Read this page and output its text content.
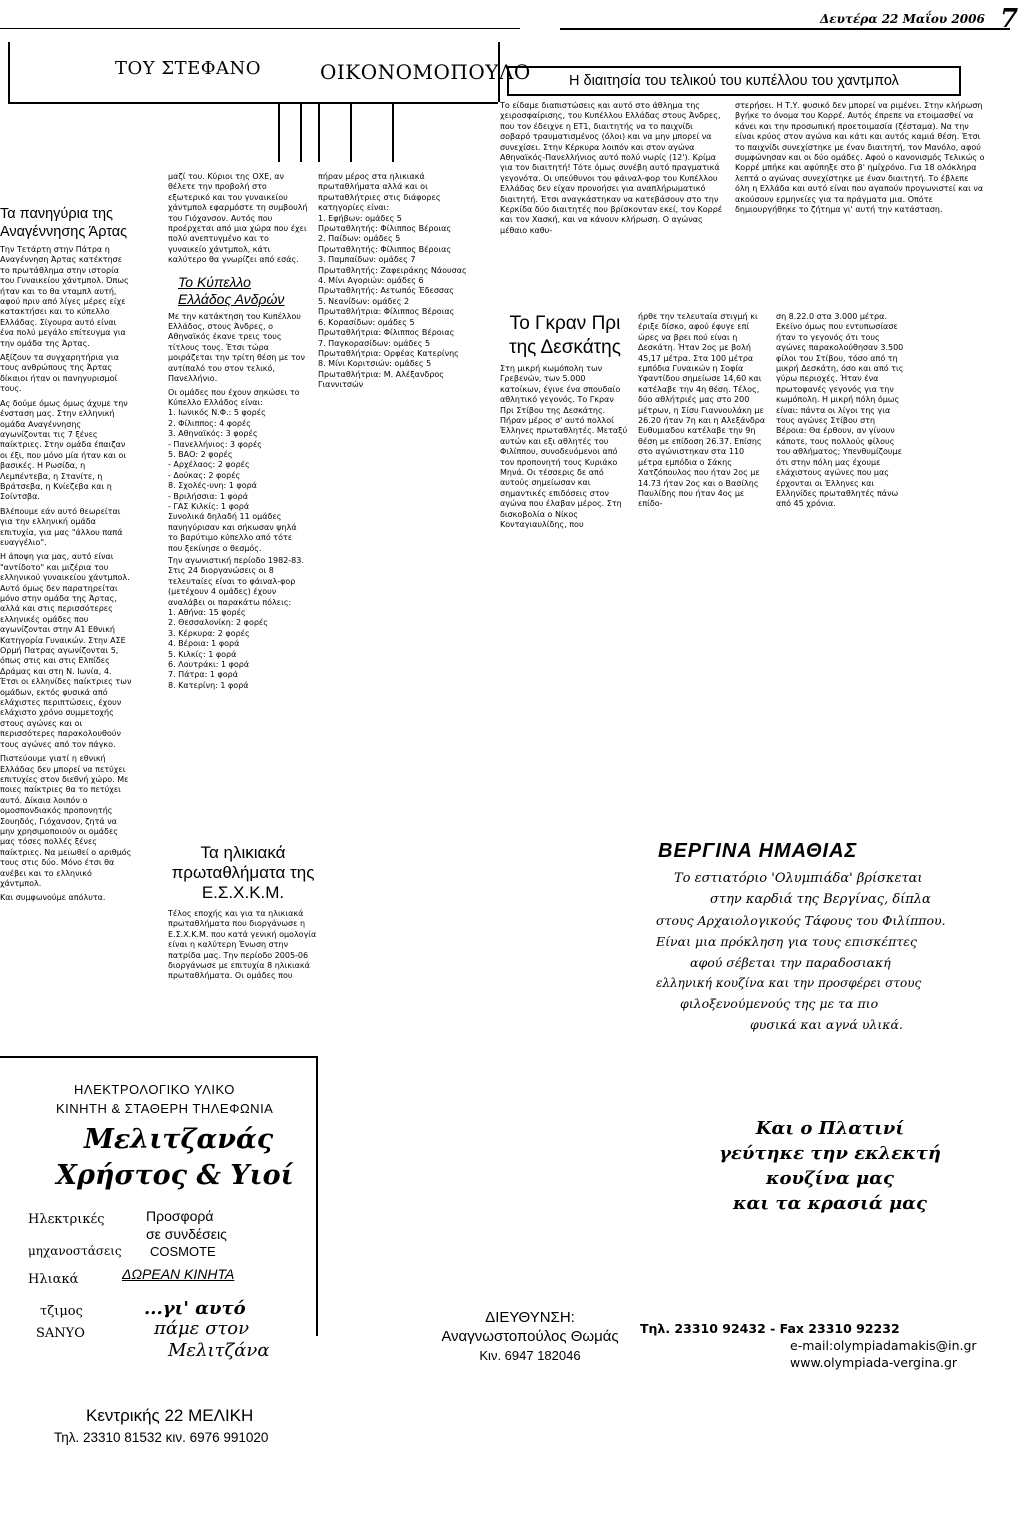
Δευτέρα 22 Μαΐου 2006 7
ΤΟΥ ΣΤΕΦΑΝΟ	ΟΙΚΟΝΟΜΟΠΟΥΛΟ	Η διαιτησία του τελικού του κυπέλλου του χαντμπολ
Τα πανηγύρια της Αναγέννησης Άρτας

Την Τετάρτη στην Πάτρα η Αναγέννηση Άρτας κατέκτησε το πρωτάθλημα στην ιστορία του Γυναικείου χάντμπολ. Όπως ήταν και το θα νταμπλ αυτή, αφού πριν από λίγες μέρες είχε κατακτήσει και το κύπελλο Ελλάδας. Σίγουρα αυτό είναι ένα πολύ μεγάλο επίτευγμα για την ομάδα της Άρτας.

Αξίζουν τα συγχαρητήρια για τους ανθρώπους της Άρτας δίκαιοι ήταν οι πανηγυρισμοί τους.

Ας δούμε όμως όμως άχυμε την ένσταση μας. Στην ελληνική ομάδα Αναγέννησης αγωνίζονται τις 7 ξένες παίκτριες. Στην ομάδα έπαιζαν οι έξι, που μόνο μία ήταν και οι βασικές. Η Ρωσίδα, η Λεμπέντεβα, η Στανίτε, η Βράτσεβα, η Κνίεζεβα και η Σοίντσβα.

Βλέπουμε εάν αυτό θεωρείται για την ελληνική ομάδα επιτυχία, για μας "άλλου παπά ευαγγέλιο".

Η άποψη για μας, αυτό είναι "αντίδοτο" και μιζέρια του ελληνικού γυναικείου χάντμπολ. Αυτό όμως δεν παρατηρείται μόνο στην ομάδα της Άρτας, αλλά και στις περισσότερες ελληνικές ομάδες που αγωνίζονται στην Α1 Εθνική Κατηγορία Γυναικών. Στην ΑΣΕ Ορμή Πατρας αγωνίζονται 5, όπως στις και στις Ελπίδες Δράμας και στη Ν. Ιωνία, 4. Έτσι οι ελληνίδες παίκτριες των ομάδων, εκτός φυσικά από ελάχιστες περιπτώσεις, έχουν ελάχιστο χρόνο συμμετοχής στους αγώνες και οι περισσότερες παρακολουθούν τους αγώνες από τον πάγκο.

Πιστεύουμε γιατί η εθνική Ελλάδας δεν μπορεί να πετύχει επιτυχίες στον διεθνή χώρο. Με ποιες παίκτριες θα το πετύχει αυτό. Δίκαια λοιπόν ο ομοσπονδιακός προπονητής Σουηδός, Γιόχανσον, ζητά να μην χρησιμοποιούν οι ομάδες μας τόσες πολλές ξένες παίκτριες. Να μειωθεί ο αριθμός τους στις δύο. Μόνο έτσι θα ανέβει και το ελληνικό χάντμπολ.

Και συμφωνούμε απόλυτα.

μαζί του. Κύριοι της ΟΧΕ, αν θέλετε την προβολή στο εξωτερικό και του γυναικείου χάντμπολ εφαρμόστε τη συμβουλή του Γιόχανσον. Αυτός που προέρχεται από μια χώρα που έχει πολύ ανεπτυγμένο και το γυναικείο χάντμπολ, κάτι καλύτερο θα γνωρίζει από εσάς.

Το Κύπελλο Ελλάδος Ανδρών

Με την κατάκτηση του Κυπέλλου Ελλάδος, στους Άνδρες, ο Αθηναϊκός έκανε τρεις τους τίτλους τους. Έτσι τώρα μοιράζεται την τρίτη θέση με τον αντίπαλό του στον τελικό, Πανελλήνιο.

Οι ομάδες που έχουν σηκώσει το Κύπελλο Ελλάδος είναι:

1. Ιωνικός Ν.Φ.: 5 φορές
2. Φίλιππος: 4 φορές
3. Αθηναϊκός: 3 φορές
- Πανελλήνιος: 3 φορές
5. ΒΑΟ: 2 φορές
- Αρχέλαος: 2 φορές
- Δούκας: 2 φορές
8. Σχολές-υνη: 1 φορά
- Βριλήσσια: 1 φορά
- ΓΑΣ Κιλκίς: 1 φορά

Συνολικά δηλαδή 11 ομάδες πανηγύρισαν και σήκωσαν ψηλά το βαρύτιμο κύπελλο από τότε που ξεκίνησε ο θεσμός.

Την αγωνιστική περίοδο 1982-83. Στις 24 διοργανώσεις οι 8 τελευταίες είναι το φάιναλ-φορ (μετέχουν 4 ομάδες) έχουν αναλάβει οι παρακάτω πόλεις:

1. Αθήνα: 15 φορές
2. Θεσσαλονίκη: 2 φορές
3. Κέρκυρα: 2 φορές
4. Βέροια: 1 φορά
5. Κιλκίς: 1 φορά
6. Λουτράκι: 1 φορά
7. Πάτρα: 1 φορά
8. Κατερίνη: 1 φορά

πήραν μέρος στα ηλικιακά πρωταθλήματα αλλά και οι πρωταθλήτριες στις διάφορες κατηγορίες είναι:

1. Εφήβων: ομάδες 5
Πρωταθλητής: Φίλιππος Βέροιας
2. Παίδων: ομάδες 5
Πρωταθλητής: Φίλιππος Βέροιας
3. Παμπαίδων: ομάδες 7
Πρωταθλητής: Ζαφειράκης Νάουσας
4. Μίνι Αγοριών: ομάδες 6
Πρωταθλητής: Αετωπός Έδεσσας
5. Νεανίδων: ομάδες 2
Πρωταθλήτρια: Φίλιππος Βέροιας
6. Κορασίδων: ομάδες 5
Πρωταθλήτρια: Φίλιππος Βέροιας
7. Παγκορασίδων: ομάδες 5
Πρωταθλήτρια: Ορφέας Κατερίνης
8. Μίνι Κοριτσιών: ομάδες 5
Πρωταθλήτρια: Μ. Αλέξανδρος Γιαννιτσών
Τα ηλικιακά πρωταθλήματα της Ε.Σ.Χ.Κ.Μ.

Τέλος εποχής και για τα ηλικιακά πρωταθλήματα που διοργάνωσε η Ε.Σ.Χ.Κ.Μ. που κατά γενική ομολογία είναι η καλύτερη Ένωση στην πατρίδα μας. Την περίοδο 2005-06 διοργάνωσε με επιτυχία 8 ηλικιακά πρωταθλήματα. Οι ομάδες που

Το είδαμε διαπιστώσεις και αυτό στο άθλημα της χειροσφαίρισης, του Κυπέλλου Ελλάδας στους Άνδρες, που τον έδειχνε η ΕΤ1, διαιτητής να το παιχνίδι σοβαρό τραυματισμένος (όλοι) και να μην μπορεί να συνεχίσει. Στην Κέρκυρα λοιπόν και στον αγώνα Αθηναϊκός-Πανελλήνιος αυτό πολύ νωρίς (12'). Κρίμα για τον διαιτητή! Τότε όμως συνέβη αυτό πραγματικά γεγονότα. Οι υπεύθυνοι του φάιναλ-φορ του Κυπέλλου Ελλάδας δεν είχαν προνοήσει για αναπλήρωματικό διαιτητή. Έτσι αναγκάστηκαν να κατεβάσουν στο την Κερκίδα δύο διαιτητές που βρίσκονταν εκεί, τον Κορρέ και τον Χασκή, και να κάνουν κλήρωση. Ο αγώνας μέθαιο καθυ-

στερήσει. Η Τ.Υ. φυσικό δεν μπορεί να ριμένει. Στην κλήρωση βγήκε το όνομα του Κορρέ. Αυτός έπρεπε να ετοιμασθεί να κάνει και την προσωπική προετοιμασία (ζέσταμα). Να την είναι κρύος στον αγώνα και κάτι και αυτός καμιά θέση. Έτσι το παιχνίδι συνεχίστηκε με έναν διαιτητή, τον Μανόλο, αφού συμφώνησαν και οι δύο ομάδες. Αφού ο κανονισμός Τελικώς ο Κορρέ μπήκε και αφύπηξε στο β' ημίχρόνο. Για 18 ολόκληρα λεπτά ο αγώνας συνεχίστηκε με έναν διαιτητή. Το έβλεπε όλη η Ελλάδα και αυτό είναι που αγαπούν προγωνιστεί και να ακούσουν ερμηνείες για τα πράγματα μια. Οπότε δημιουργήθηκε το ζήτημα γι' αυτή την κατάσταση.

Το Γκραν Πρι της Δεσκάτης

Στη μικρή κωμόπολη των Γρεβενών, των 5.000 κατοίκων, έγινε ένα σπουδαίο αθλητικό γεγονός. Το Γκραν Πρι Στίβου της Δεσκάτης. Πήραν μέρος σ' αυτό πολλοί Έλληνες πρωταθλητές. Μεταξύ αυτών και εξι αθλητές του Φιλίππου, συνοδευόμενοι από τον προπονητή τους Κυριάκο Μηνά. Οι τέσσερις δε από αυτούς σημείωσαν και σημαντικές επιδόσεις στον αγώνα που έλαβαν μέρος. Στη δισκοβολία ο Νίκος Κονταγιαυλίδης, που

ήρθε την τελευταία στιγμή κι έριξε δίσκο, αφού έφυγε επί ώρες να βρει πού είναι η Δεσκάτη. Ήταν 2ος με βολή 45,17 μέτρα. Στα 100 μέτρα εμπόδια Γυναικών η Σοφία Υφαντίδου σημείωσε 14,60 και κατέλαβε την 4η θέση. Τέλος, δύο αθλήτριές μας στο 200 μέτρων, η Σίσυ Γιαννουλάκη με 26.20 ήταν 7η και η Αλεξάνδρα Ευθυμιαδου κατέλαβε την 9η θέση με επίδοση 26.37. Επίσης στο αγώνιστηκαν στα 110 μέτρα εμπόδια ο Σάκης Χατζόπουλος που ήταν 2ος με 14.73 ήταν 2ος και ο Βασίλης Παυλίδης που ήταν 4ος με επίδο-

ση 8.22.0 στα 3.000 μέτρα. Εκείνο όμως που εντυπωσίασε ήταν το γεγονός ότι τους αγώνες παρακολούθησαν 3.500 φίλοι του Στίβου, τόσο από τη μικρή Δεσκάτη, όσο και από τις γύρω περιοχές. Ήταν ένα πρωτοφανές γεγονός για την κωμόπολη. Η μικρή πόλη όμως είναι: πάντα οι λίγοι της για τους αγώνες Στίβου στη Βέροια: Θα έρθουν, αν γίνουν κάποτε, τους πολλούς φίλους του αθλήματος; Υπενθυμίζουμε ότι στην πόλη μας έχουμε ελάχιστους αγώνες που μας έρχονται οι Έλληνες και Ελληνίδες πρωταθλητές πάνω από 45 χρόνια.

ΒΕΡΓΙΝΑ ΗΜΑΘΙΑΣ
Το εστιατόριο 'Ολυμπιάδα' βρίσκεται
στην καρδιά της Βεργίνας, δίπλα
στους Αρχαιολογικούς Τάφους του Φιλίππου.
Είναι μια πρόκληση για τους επισκέπτες
αφού σέβεται την παραδοσιακή
ελληνική κουζίνα και την προσφέρει στους
φιλοξενούμενούς της με τα πιο
φυσικά και αγνά υλικά.
Και ο Πλατινί
γεύτηκε την εκλεκτή
κουζίνα μας
και τα κρασιά μας
ΔΙΕΥΘΥΝΣΗ:
Αναγνωστοπούλος Θωμάς
Κιν. 6947 182046
Τηλ. 23310 92432 - Fax 23310 92232
e-mail:olympiadamakis@in.gr
www.olympiada-vergina.gr
ΗΛΕΚΤΡΟΛΟΓΙΚΟ ΥΛΙΚΟ
ΚΙΝΗΤΗ & ΣΤΑΘΕΡΗ ΤΗΛΕΦΩΝΙΑ
Μελιτζανάς
Χρήστος & Υιοί
Ηλεκτρικές
μηχανοστάσεις
Ηλιακά
τζιμος
SANYO
Προσφορά
σε συνδέσεις
COSMOTE
ΔΩΡΕΑΝ ΚΙΝΗΤΑ
...γι' αυτό
πάμε στον
Μελιτζάνα
Κεντρικής 22 ΜΕΛΙΚΗ
Τηλ. 23310 81532 κιν. 6976 991020
